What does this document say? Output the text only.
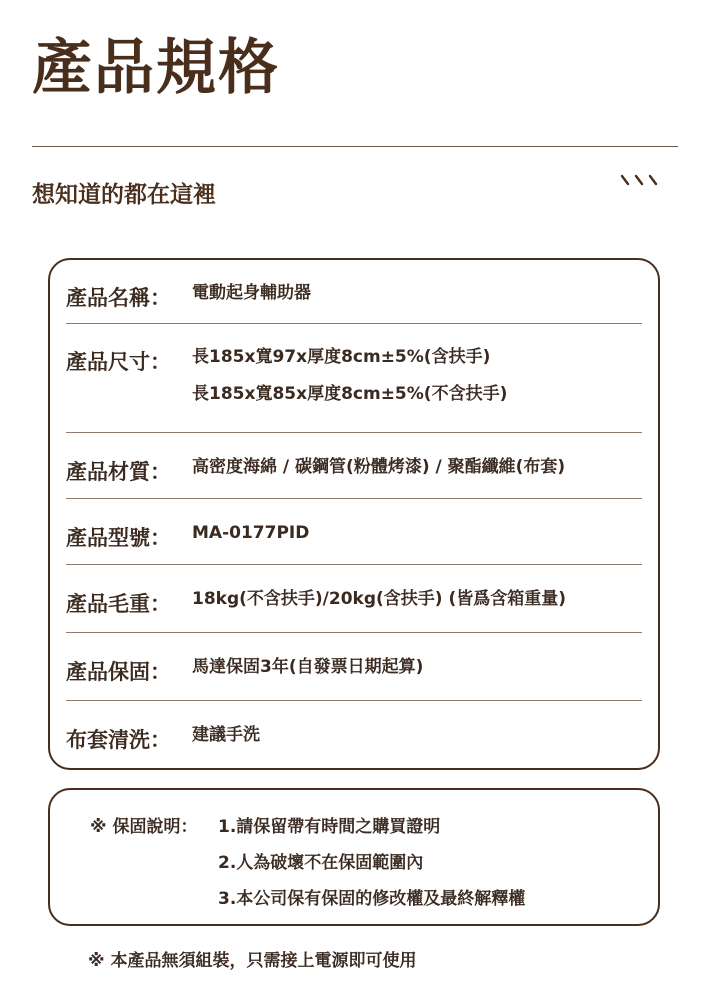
產品規格
想知道的都在這裡
產品名稱：	電動起身輔助器
產品尺寸：	長185x寬97x厚度8cm±5%(含扶手)
長185x寬85x厚度8cm±5%(不含扶手)
產品材質：	高密度海綿 / 碳鋼管(粉體烤漆) / 聚酯纖維(布套)
產品型號：	MA-0177PID
產品毛重：	18kg(不含扶手)/20kg(含扶手) (皆爲含箱重量)
產品保固：	馬達保固3年(自發票日期起算)
布套清洗：	建議手洗
※ 保固說明： 1.請保留帶有時間之購買證明
2.人為破壞不在保固範圍內
3.本公司保有保固的修改權及最終解釋權
※ 本產品無須組裝，只需接上電源即可使用
